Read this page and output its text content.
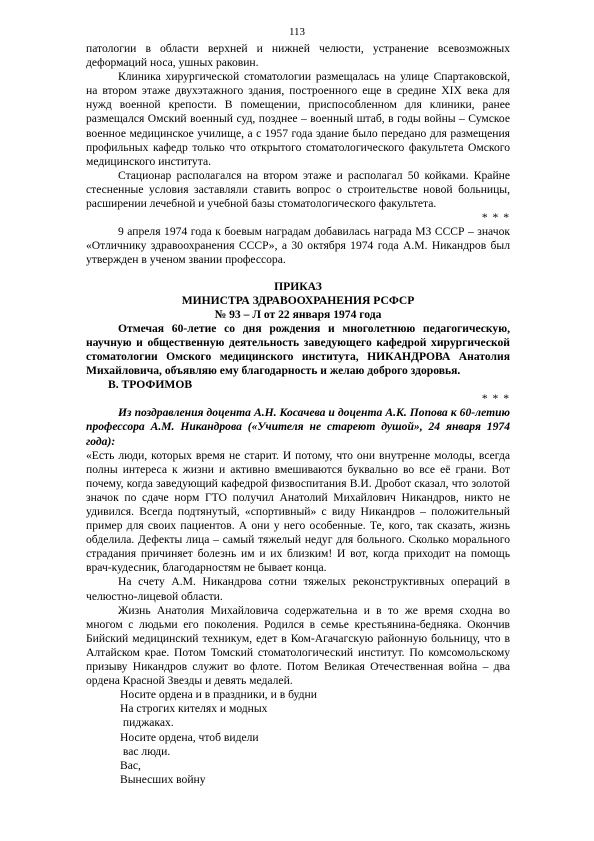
113

патологии в области верхней и нижней челюсти, устранение всевозможных деформаций носа, ушных раковин.

Клиника хирургической стоматологии размещалась на улице Спартаковской, на втором этаже двухэтажного здания, построенного еще в средине XIX века для нужд военной крепости. В помещении, приспособленном для клиники, ранее размещался Омский военный суд, позднее – военный штаб, в годы войны – Сумское военное медицинское училище, а с 1957 года здание было передано для размещения профильных кафедр только что открытого стоматологического факультета Омского медицинского института.

Стационар располагался на втором этаже и располагал 50 койками. Крайне стесненные условия заставляли ставить вопрос о строительстве новой больницы, расширении лечебной и учебной базы стоматологического факультета.

* * *

9 апреля 1974 года к боевым наградам добавилась награда МЗ СССР – значок «Отличнику здравоохранения СССР», а 30 октября 1974 года А.М. Никандров был утвержден в ученом звании профессора.

ПРИКАЗ

МИНИСТРА ЗДРАВООХРАНЕНИЯ РСФСР

№ 93 – Л от 22 января 1974 года

Отмечая 60-летие со дня рождения и многолетнюю педагогическую, научную и общественную деятельность заведующего кафедрой хирургической стоматологии Омского медицинского института, НИКАНДРОВА Анатолия Михайловича, объявляю ему благодарность и желаю доброго здоровья.

В. ТРОФИМОВ

* * *

Из поздравления доцента А.Н. Косачева и доцента А.К. Попова к 60-летию профессора А.М. Никандрова («Учителя не стареют душой», 24 января 1974 года):

«Есть люди, которых время не старит. И потому, что они внутренне молоды, всегда полны интереса к жизни и активно вмешиваются буквально во все её грани. Вот почему, когда заведующий кафедрой физвоспитания В.И. Дробот сказал, что золотой значок по сдаче норм ГТО получил Анатолий Михайлович Никандров, никто не удивился. Всегда подтянутый, «спортивный» с виду Никандров – положительный пример для своих пациентов. А они у него особенные. Те, кого, так сказать, жизнь обделила. Дефекты лица – самый тяжелый недуг для больного. Сколько морального страдания причиняет болезнь им и их близким! И вот, когда приходит на помощь врач-кудесник, благодарностям не бывает конца.

На счету А.М. Никандрова сотни тяжелых реконструктивных операций в челюстно-лицевой области.

Жизнь Анатолия Михайловича содержательна и в то же время сходна во многом с людьми его поколения. Родился в семье крестьянина-бедняка. Окончив Бийский медицинский техникум, едет в Ком-Агачагскую районную больницу, что в Алтайском крае. Потом Томский стоматологический институт. По комсомольскому призыву Никандров служит во флоте. Потом Великая Отечественная война – два ордена Красной Звезды и девять медалей.

Носите ордена и в праздники, и в будни
На строгих кителях и модных
пиджаках.
Носите ордена, чтоб видели
вас люди.
Вас,
Вынесших войну
